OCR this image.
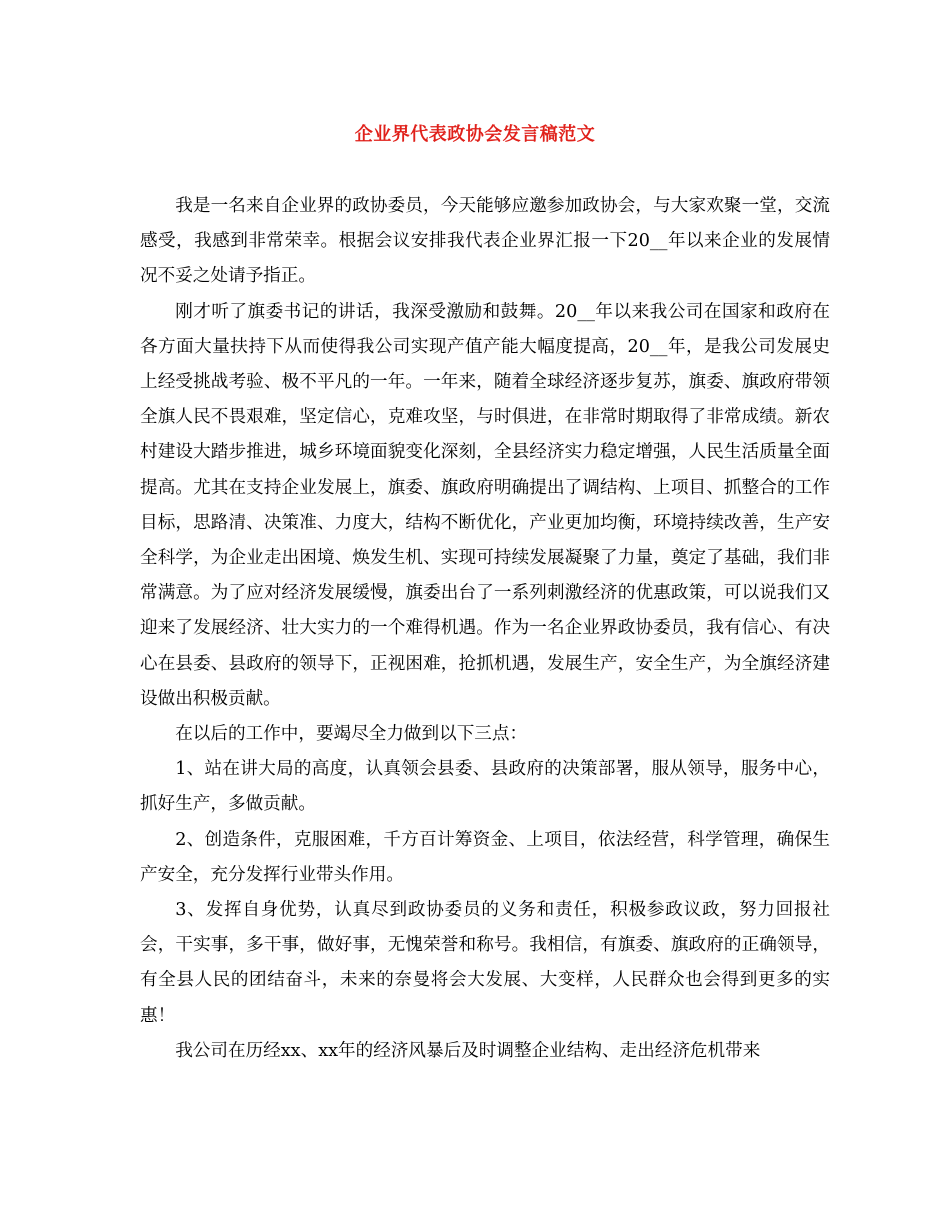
企业界代表政协会发言稿范文

我是一名来自企业界的政协委员，今天能够应邀参加政协会，与大家欢聚一堂，交流感受，我感到非常荣幸。根据会议安排我代表企业界汇报一下20__年以来企业的发展情况不妥之处请予指正。

刚才听了旗委书记的讲话，我深受激励和鼓舞。20__年以来我公司在国家和政府在各方面大量扶持下从而使得我公司实现产值产能大幅度提高，20__年，是我公司发展史上经受挑战考验、极不平凡的一年。一年来，随着全球经济逐步复苏，旗委、旗政府带领全旗人民不畏艰难，坚定信心，克难攻坚，与时俱进，在非常时期取得了非常成绩。新农村建设大踏步推进，城乡环境面貌变化深刻，全县经济实力稳定增强，人民生活质量全面提高。尤其在支持企业发展上，旗委、旗政府明确提出了调结构、上项目、抓整合的工作目标，思路清、决策准、力度大，结构不断优化，产业更加均衡，环境持续改善，生产安全科学，为企业走出困境、焕发生机、实现可持续发展凝聚了力量，奠定了基础，我们非常满意。为了应对经济发展缓慢，旗委出台了一系列刺激经济的优惠政策，可以说我们又迎来了发展经济、壮大实力的一个难得机遇。作为一名企业界政协委员，我有信心、有决心在县委、县政府的领导下，正视困难，抢抓机遇，发展生产，安全生产，为全旗经济建设做出积极贡献。

在以后的工作中，要竭尽全力做到以下三点：

1、站在讲大局的高度，认真领会县委、县政府的决策部署，服从领导，服务中心，抓好生产，多做贡献。

2、创造条件，克服困难，千方百计筹资金、上项目，依法经营，科学管理，确保生产安全，充分发挥行业带头作用。

3、发挥自身优势，认真尽到政协委员的义务和责任，积极参政议政，努力回报社会，干实事，多干事，做好事，无愧荣誉和称号。我相信，有旗委、旗政府的正确领导，有全县人民的团结奋斗，未来的奈曼将会大发展、大变样，人民群众也会得到更多的实惠！

我公司在历经xx、xx年的经济风暴后及时调整企业结构、走出经济危机带来
